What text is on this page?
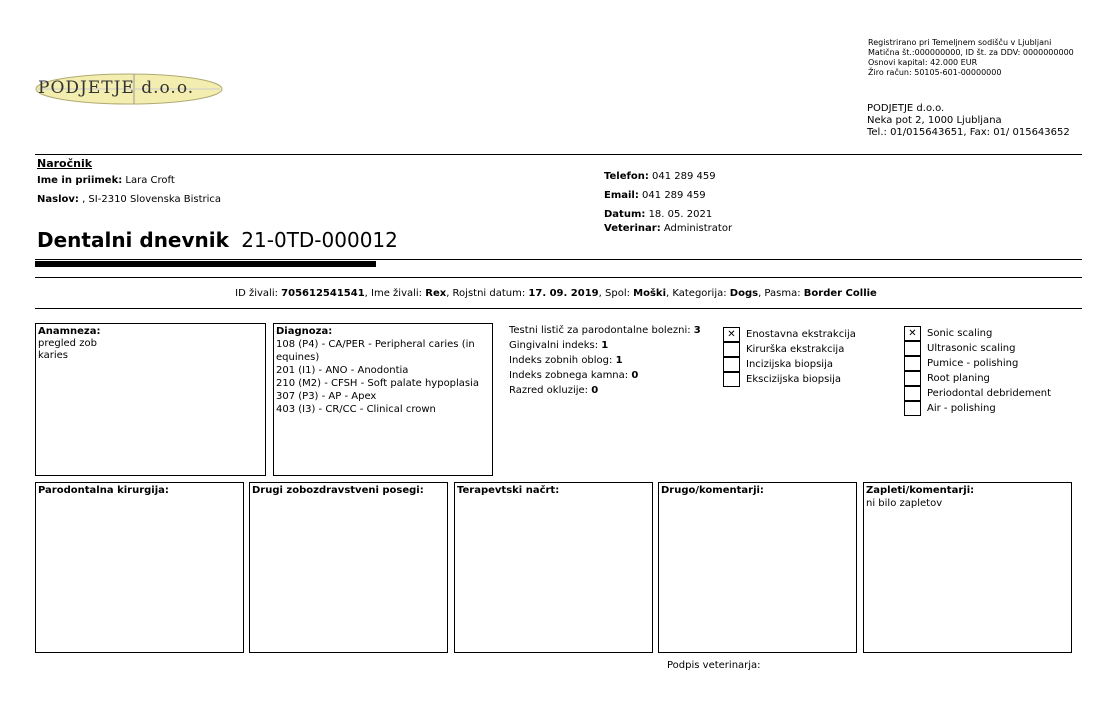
PODJETJE d.o.o.
Registrirano pri Temeljnem sodišču v Ljubljani
Matična št.:000000000, ID št. za DDV: 0000000000
Osnovi kapital: 42.000 EUR
Žiro račun: 50105-601-00000000
PODJETJE d.o.o.
Neka pot 2, 1000 Ljubljana
Tel.: 01/015643651, Fax: 01/ 015643652
Naročnik
Ime in priimek: Lara Croft
Naslov: , SI-2310 Slovenska Bistrica
Telefon: 041 289 459
Email: 041 289 459
Datum: 18. 05. 2021
Veterinar: Administrator
Dentalni dnevnik 21-0TD-000012
ID živali: 705612541541, Ime živali: Rex, Rojstni datum: 17. 09. 2019, Spol: Moški, Kategorija: Dogs, Pasma: Border Collie
Anamneza:
pregled zob
karies
Diagnoza:
108 (P4) - CA/PER - Peripheral caries (in
equines)
201 (I1) - ANO - Anodontia
210 (M2) - CFSH - Soft palate hypoplasia
307 (P3) - AP - Apex
403 (I3) - CR/CC - Clinical crown
Testni listič za parodontalne bolezni: 3
Gingivalni indeks: 1
Indeks zobnih oblog: 1
Indeks zobnega kamna: 0
Razred okluzije: 0
✕	Enostavna ekstrakcija
Kirurška ekstrakcija
Incizijska biopsija
Ekscizijska biopsija
✕	Sonic scaling
Ultrasonic scaling
Pumice - polishing
Root planing
Periodontal debridement
Air - polishing
Parodontalna kirurgija:	Drugi zobozdravstveni posegi:	Terapevtski načrt:	Drugo/komentarji:	Zapleti/komentarji:
ni bilo zapletov
Podpis veterinarja:
